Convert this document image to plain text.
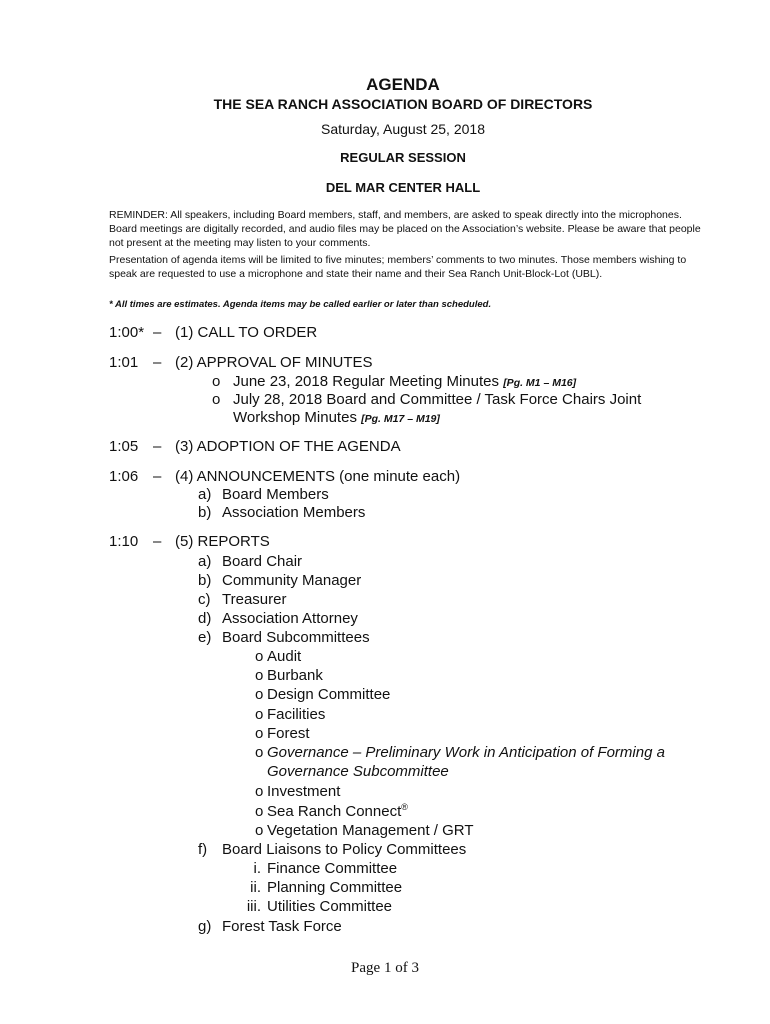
AGENDA
THE SEA RANCH ASSOCIATION BOARD OF DIRECTORS
Saturday, August 25, 2018
REGULAR SESSION
DEL MAR CENTER HALL
REMINDER: All speakers, including Board members, staff, and members, are asked to speak directly into the microphones. Board meetings are digitally recorded, and audio files may be placed on the Association’s website. Please be aware that people not present at the meeting may listen to your comments.
Presentation of agenda items will be limited to five minutes; members’ comments to two minutes. Those members wishing to speak are requested to use a microphone and state their name and their Sea Ranch Unit-Block-Lot (UBL).
* All times are estimates. Agenda items may be called earlier or later than scheduled.
1:00* – (1) CALL TO ORDER
1:01 – (2) APPROVAL OF MINUTES
o June 23, 2018 Regular Meeting Minutes [Pg. M1 – M16]
o July 28, 2018 Board and Committee / Task Force Chairs Joint
Workshop Minutes [Pg. M17 – M19]
1:05 – (3) ADOPTION OF THE AGENDA
1:06 – (4) ANNOUNCEMENTS (one minute each)
a) Board Members
b) Association Members
1:10 – (5) REPORTS
a) Board Chair
b) Community Manager
c) Treasurer
d) Association Attorney
e) Board Subcommittees
o Audit
o Burbank
o Design Committee
o Facilities
o Forest
o Governance – Preliminary Work in Anticipation of Forming a
Governance Subcommittee
o Investment
o Sea Ranch Connect®
o Vegetation Management / GRT
f) Board Liaisons to Policy Committees
i. Finance Committee
ii. Planning Committee
iii. Utilities Committee
g) Forest Task Force
Page 1 of 3
